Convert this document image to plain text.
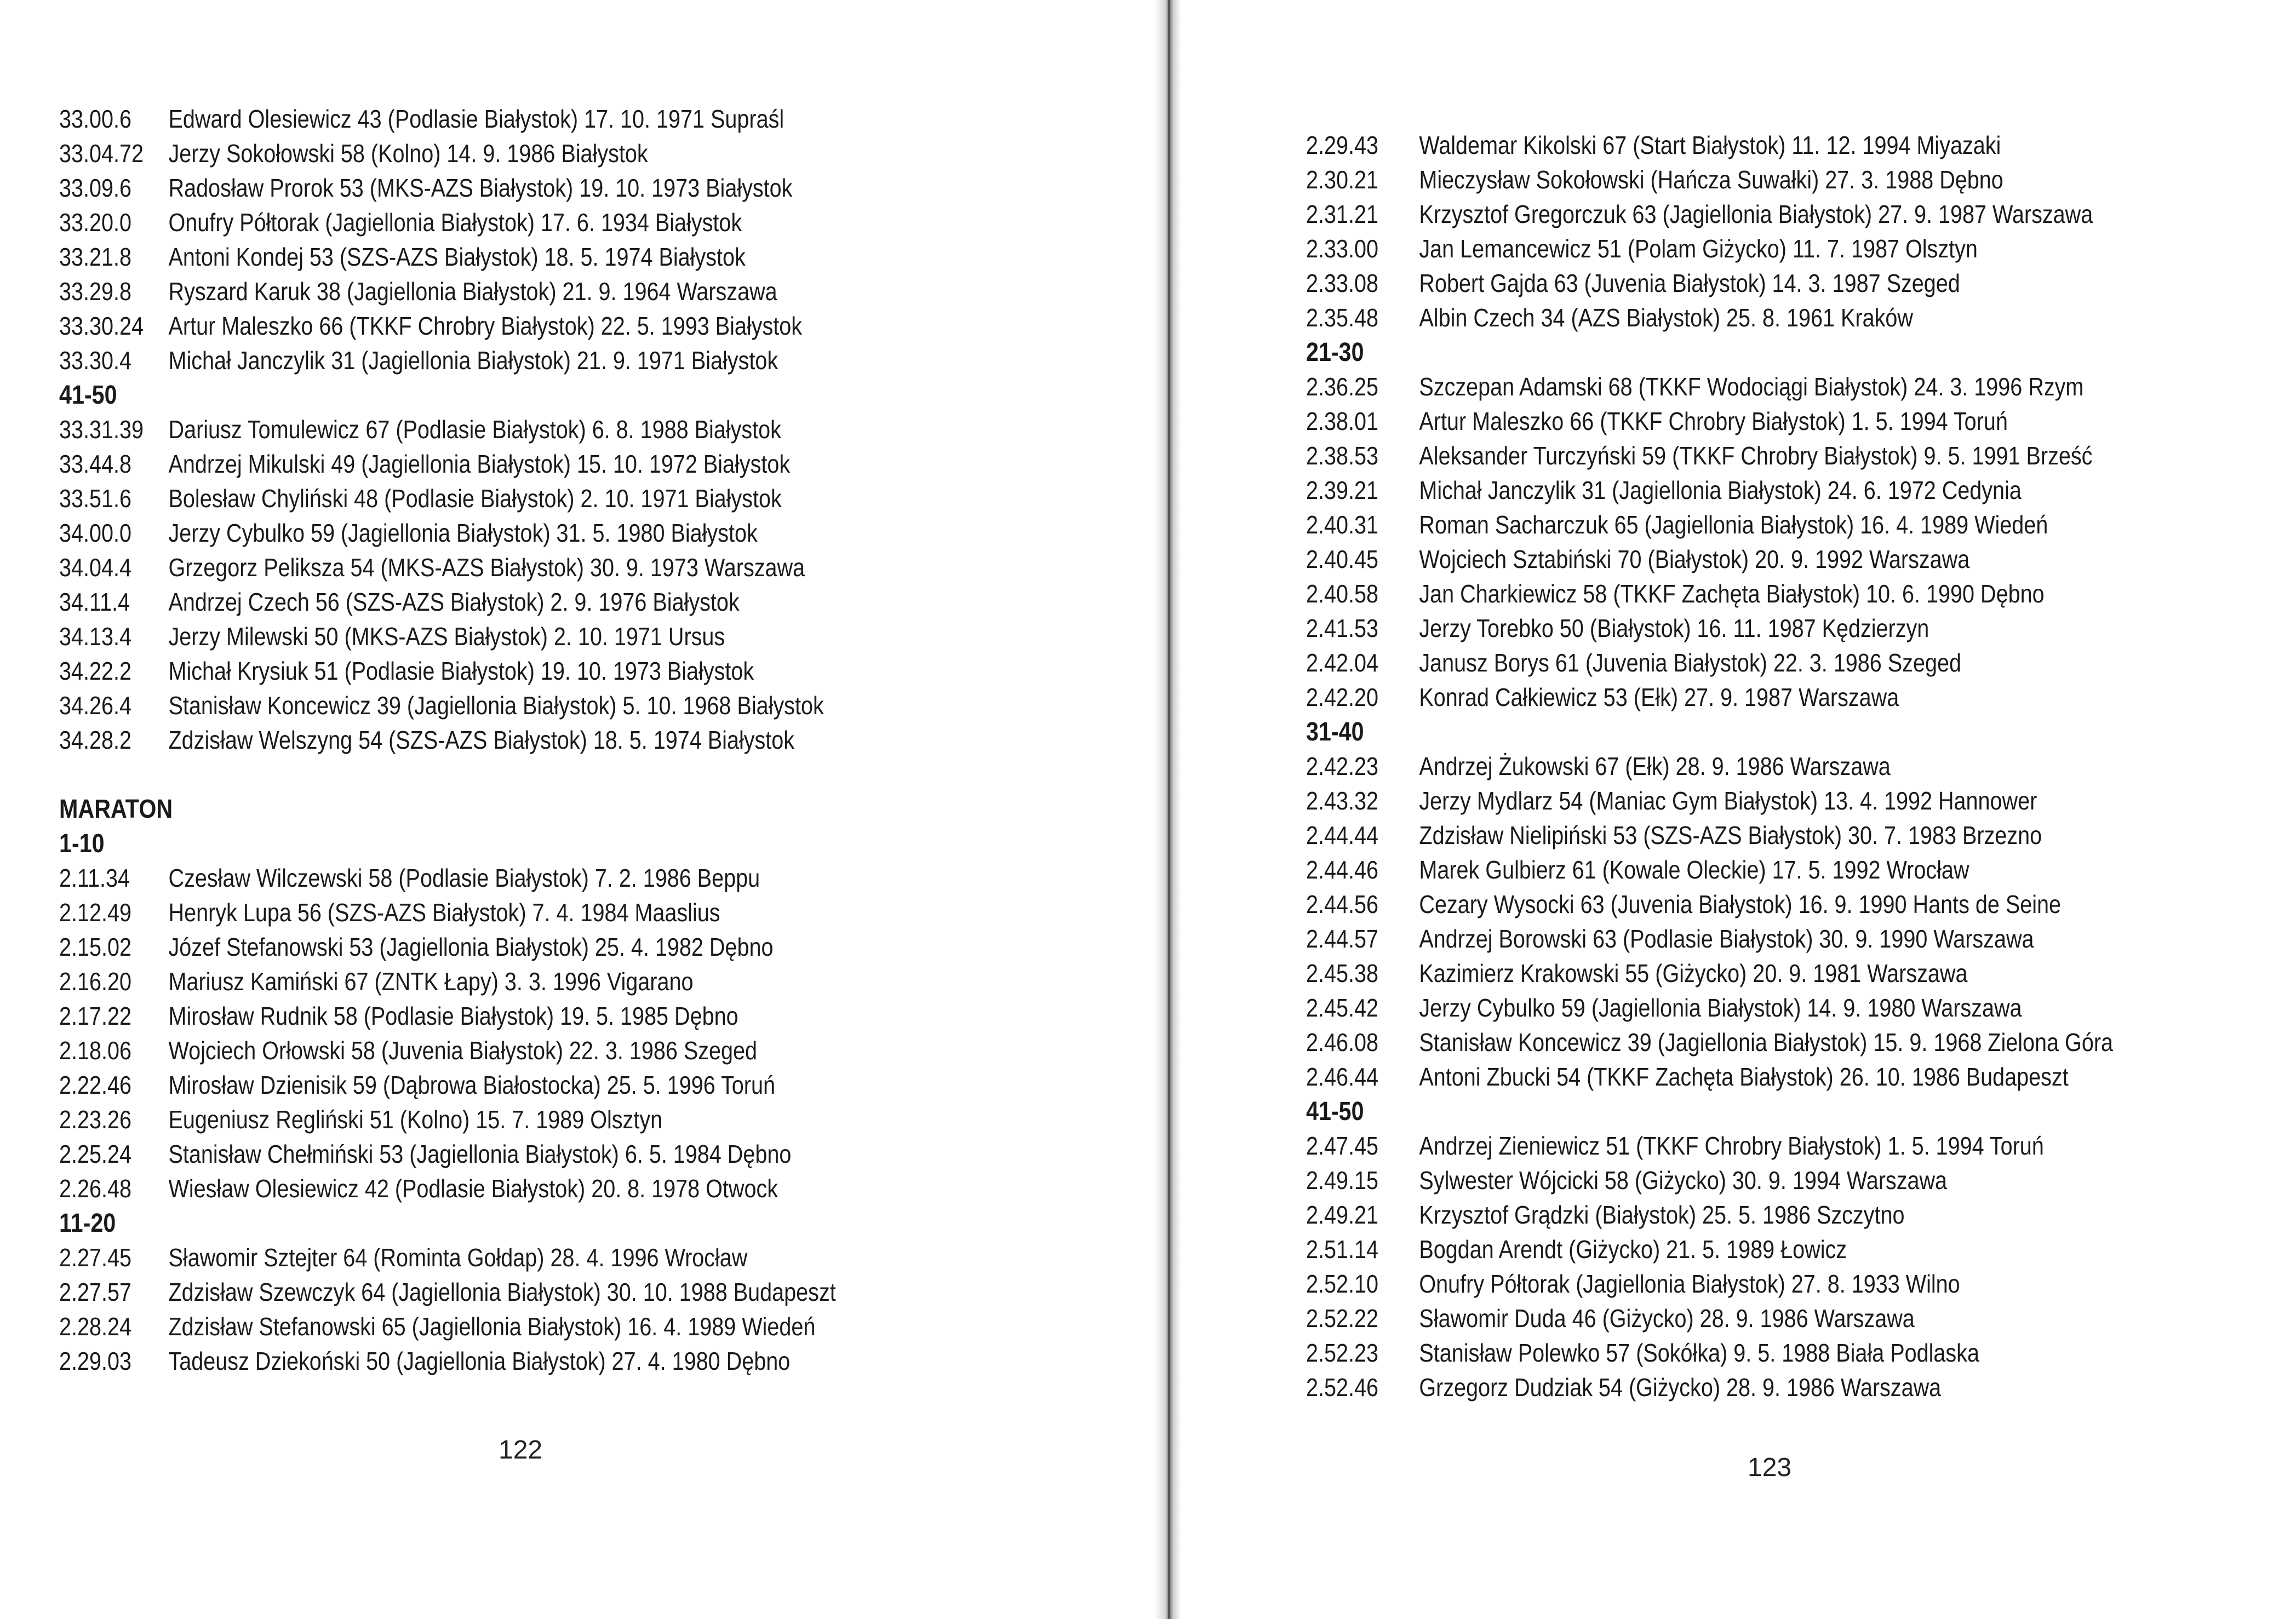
33.00.6 Edward Olesiewicz 43 (Podlasie Białystok) 17. 10. 1971 Supraśl
33.04.72 Jerzy Sokołowski 58 (Kolno) 14. 9. 1986 Białystok
33.09.6 Radosław Prorok 53 (MKS-AZS Białystok) 19. 10. 1973 Białystok
33.20.0 Onufry Półtorak (Jagiellonia Białystok) 17. 6. 1934 Białystok
33.21.8 Antoni Kondej 53 (SZS-AZS Białystok) 18. 5. 1974 Białystok
33.29.8 Ryszard Karuk 38 (Jagiellonia Białystok) 21. 9. 1964 Warszawa
33.30.24 Artur Maleszko 66 (TKKF Chrobry Białystok) 22. 5. 1993 Białystok
33.30.4 Michał Janczylik 31 (Jagiellonia Białystok) 21. 9. 1971 Białystok
41-50
33.31.39 Dariusz Tomulewicz 67 (Podlasie Białystok) 6. 8. 1988 Białystok
33.44.8 Andrzej Mikulski 49 (Jagiellonia Białystok) 15. 10. 1972 Białystok
33.51.6 Bolesław Chyliński 48 (Podlasie Białystok) 2. 10. 1971 Białystok
34.00.0 Jerzy Cybulko 59 (Jagiellonia Białystok) 31. 5. 1980 Białystok
34.04.4 Grzegorz Peliksza 54 (MKS-AZS Białystok) 30. 9. 1973 Warszawa
34.11.4 Andrzej Czech 56 (SZS-AZS Białystok) 2. 9. 1976 Białystok
34.13.4 Jerzy Milewski 50 (MKS-AZS Białystok) 2. 10. 1971 Ursus
34.22.2 Michał Krysiuk 51 (Podlasie Białystok) 19. 10. 1973 Białystok
34.26.4 Stanisław Koncewicz 39 (Jagiellonia Białystok) 5. 10. 1968 Białystok
34.28.2 Zdzisław Welszyng 54 (SZS-AZS Białystok) 18. 5. 1974 Białystok
MARATON
1-10
2.11.34 Czesław Wilczewski 58 (Podlasie Białystok) 7. 2. 1986 Beppu
2.12.49 Henryk Lupa 56 (SZS-AZS Białystok) 7. 4. 1984 Maaslius
2.15.02 Józef Stefanowski 53 (Jagiellonia Białystok) 25. 4. 1982 Dębno
2.16.20 Mariusz Kamiński 67 (ZNTK Łapy) 3. 3. 1996 Vigarano
2.17.22 Mirosław Rudnik 58 (Podlasie Białystok) 19. 5. 1985 Dębno
2.18.06 Wojciech Orłowski 58 (Juvenia Białystok) 22. 3. 1986 Szeged
2.22.46 Mirosław Dzienisik 59 (Dąbrowa Białostocka) 25. 5. 1996 Toruń
2.23.26 Eugeniusz Regliński 51 (Kolno) 15. 7. 1989 Olsztyn
2.25.24 Stanisław Chełmiński 53 (Jagiellonia Białystok) 6. 5. 1984 Dębno
2.26.48 Wiesław Olesiewicz 42 (Podlasie Białystok) 20. 8. 1978 Otwock
11-20
2.27.45 Sławomir Sztejter 64 (Rominta Gołdap) 28. 4. 1996 Wrocław
2.27.57 Zdzisław Szewczyk 64 (Jagiellonia Białystok) 30. 10. 1988 Budapeszt
2.28.24 Zdzisław Stefanowski 65 (Jagiellonia Białystok) 16. 4. 1989 Wiedeń
2.29.03 Tadeusz Dziekoński 50 (Jagiellonia Białystok) 27. 4. 1980 Dębno
122
2.29.43 Waldemar Kikolski 67 (Start Białystok) 11. 12. 1994 Miyazaki
2.30.21 Mieczysław Sokołowski (Hańcza Suwałki) 27. 3. 1988 Dębno
2.31.21 Krzysztof Gregorczuk 63 (Jagiellonia Białystok) 27. 9. 1987 Warszawa
2.33.00 Jan Lemancewicz 51 (Polam Giżycko) 11. 7. 1987 Olsztyn
2.33.08 Robert Gajda 63 (Juvenia Białystok) 14. 3. 1987 Szeged
2.35.48 Albin Czech 34 (AZS Białystok) 25. 8. 1961 Kraków
21-30
2.36.25 Szczepan Adamski 68 (TKKF Wodociągi Białystok) 24. 3. 1996 Rzym
2.38.01 Artur Maleszko 66 (TKKF Chrobry Białystok) 1. 5. 1994 Toruń
2.38.53 Aleksander Turczyński 59 (TKKF Chrobry Białystok) 9. 5. 1991 Brześć
2.39.21 Michał Janczylik 31 (Jagiellonia Białystok) 24. 6. 1972 Cedynia
2.40.31 Roman Sacharczuk 65 (Jagiellonia Białystok) 16. 4. 1989 Wiedeń
2.40.45 Wojciech Sztabiński 70 (Białystok) 20. 9. 1992 Warszawa
2.40.58 Jan Charkiewicz 58 (TKKF Zachęta Białystok) 10. 6. 1990 Dębno
2.41.53 Jerzy Torebko 50 (Białystok) 16. 11. 1987 Kędzierzyn
2.42.04 Janusz Borys 61 (Juvenia Białystok) 22. 3. 1986 Szeged
2.42.20 Konrad Całkiewicz 53 (Ełk) 27. 9. 1987 Warszawa
31-40
2.42.23 Andrzej Żukowski 67 (Ełk) 28. 9. 1986 Warszawa
2.43.32 Jerzy Mydlarz 54 (Maniac Gym Białystok) 13. 4. 1992 Hannower
2.44.44 Zdzisław Nielipiński 53 (SZS-AZS Białystok) 30. 7. 1983 Brzezno
2.44.46 Marek Gulbierz 61 (Kowale Oleckie) 17. 5. 1992 Wrocław
2.44.56 Cezary Wysocki 63 (Juvenia Białystok) 16. 9. 1990 Hants de Seine
2.44.57 Andrzej Borowski 63 (Podlasie Białystok) 30. 9. 1990 Warszawa
2.45.38 Kazimierz Krakowski 55 (Giżycko) 20. 9. 1981 Warszawa
2.45.42 Jerzy Cybulko 59 (Jagiellonia Białystok) 14. 9. 1980 Warszawa
2.46.08 Stanisław Koncewicz 39 (Jagiellonia Białystok) 15. 9. 1968 Zielona Góra
2.46.44 Antoni Zbucki 54 (TKKF Zachęta Białystok) 26. 10. 1986 Budapeszt
41-50
2.47.45 Andrzej Zieniewicz 51 (TKKF Chrobry Białystok) 1. 5. 1994 Toruń
2.49.15 Sylwester Wójcicki 58 (Giżycko) 30. 9. 1994 Warszawa
2.49.21 Krzysztof Grądzki (Białystok) 25. 5. 1986 Szczytno
2.51.14 Bogdan Arendt (Giżycko) 21. 5. 1989 Łowicz
2.52.10 Onufry Półtorak (Jagiellonia Białystok) 27. 8. 1933 Wilno
2.52.22 Sławomir Duda 46 (Giżycko) 28. 9. 1986 Warszawa
2.52.23 Stanisław Polewko 57 (Sokółka) 9. 5. 1988 Biała Podlaska
2.52.46 Grzegorz Dudziak 54 (Giżycko) 28. 9. 1986 Warszawa
123
